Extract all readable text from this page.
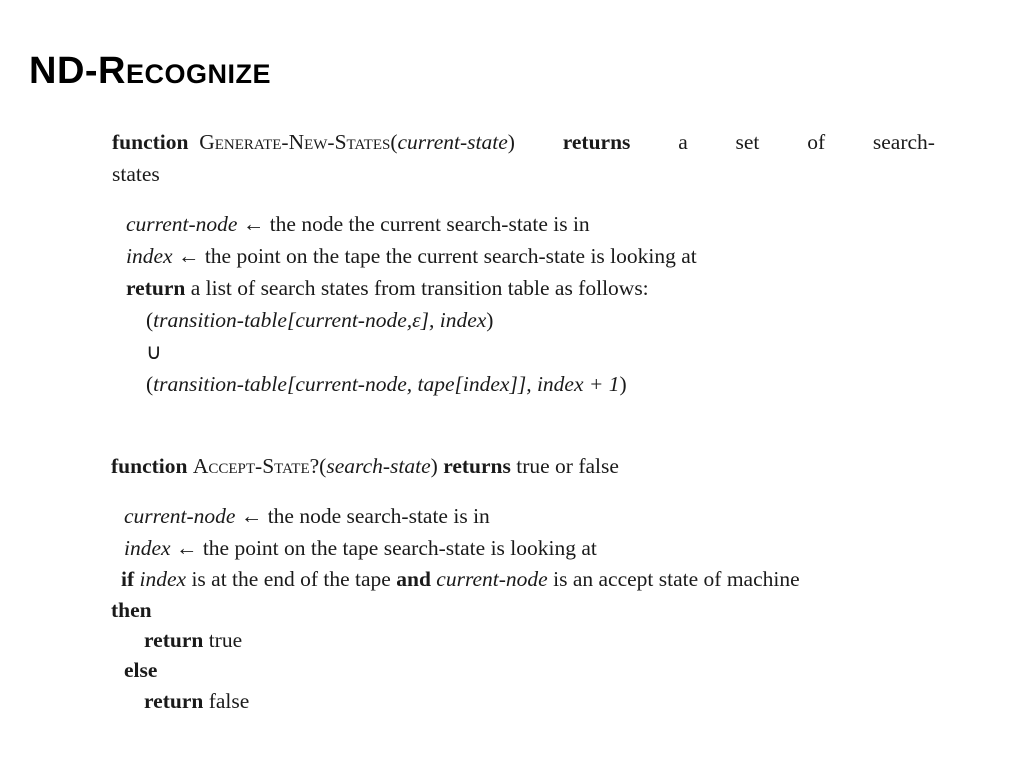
ND-Recognize
function Generate-New-States(current-state) returns a set of search-
states
current-node ← the node the current search-state is in
index ← the point on the tape the current search-state is looking at
return a list of search states from transition table as follows:
(transition-table[current-node,ε], index)
∪
(transition-table[current-node, tape[index]], index + 1)
function Accept-State?(search-state) returns true or false
current-node ← the node search-state is in
index ← the point on the tape search-state is looking at
if index is at the end of the tape and current-node is an accept state of machine
then
return true
else
return false
